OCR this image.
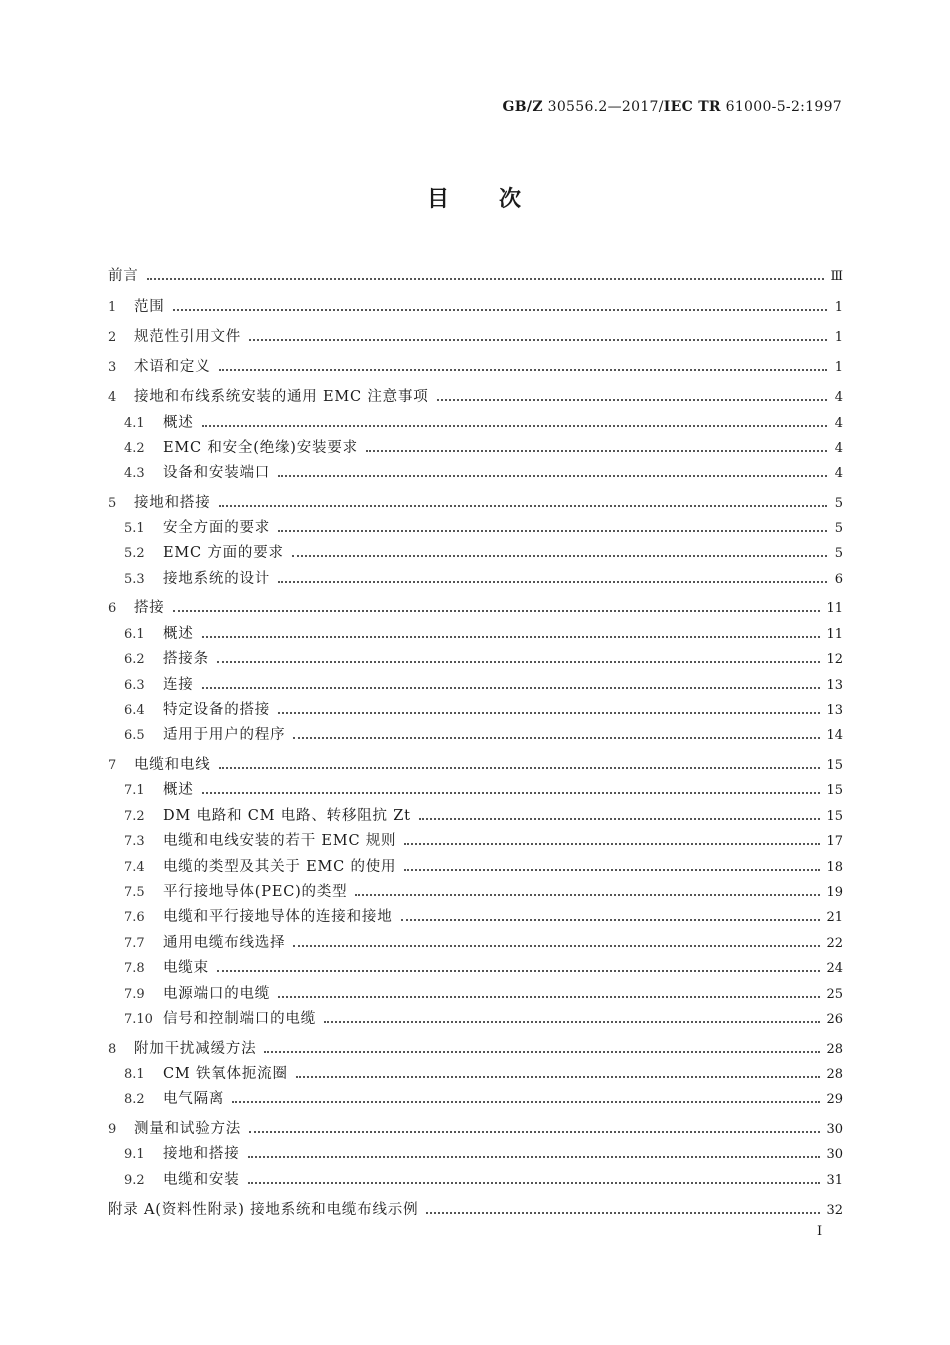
GB/Z 30556.2—2017/IEC TR 61000-5-2:1997
目 次
前言	Ⅲ
1	范围	1
2	规范性引用文件	1
3	术语和定义	1
4	接地和布线系统安装的通用 EMC 注意事项	4
4.1	概述	4
4.2	EMC 和安全(绝缘)安装要求	4
4.3	设备和安装端口	4
5	接地和搭接	5
5.1	安全方面的要求	5
5.2	EMC 方面的要求	5
5.3	接地系统的设计	6
6	搭接	11
6.1	概述	11
6.2	搭接条	12
6.3	连接	13
6.4	特定设备的搭接	13
6.5	适用于用户的程序	14
7	电缆和电线	15
7.1	概述	15
7.2	DM 电路和 CM 电路、转移阻抗 Zt	15
7.3	电缆和电线安装的若干 EMC 规则	17
7.4	电缆的类型及其关于 EMC 的使用	18
7.5	平行接地导体(PEC)的类型	19
7.6	电缆和平行接地导体的连接和接地	21
7.7	通用电缆布线选择	22
7.8	电缆束	24
7.9	电源端口的电缆	25
7.10 信号和控制端口的电缆	26
8	附加干扰减缓方法	28
8.1	CM 铁氧体扼流圈	28
8.2	电气隔离	29
9	测量和试验方法	30
9.1	接地和搭接	30
9.2	电缆和安装	31
附录 A(资料性附录) 接地系统和电缆布线示例	32
I
